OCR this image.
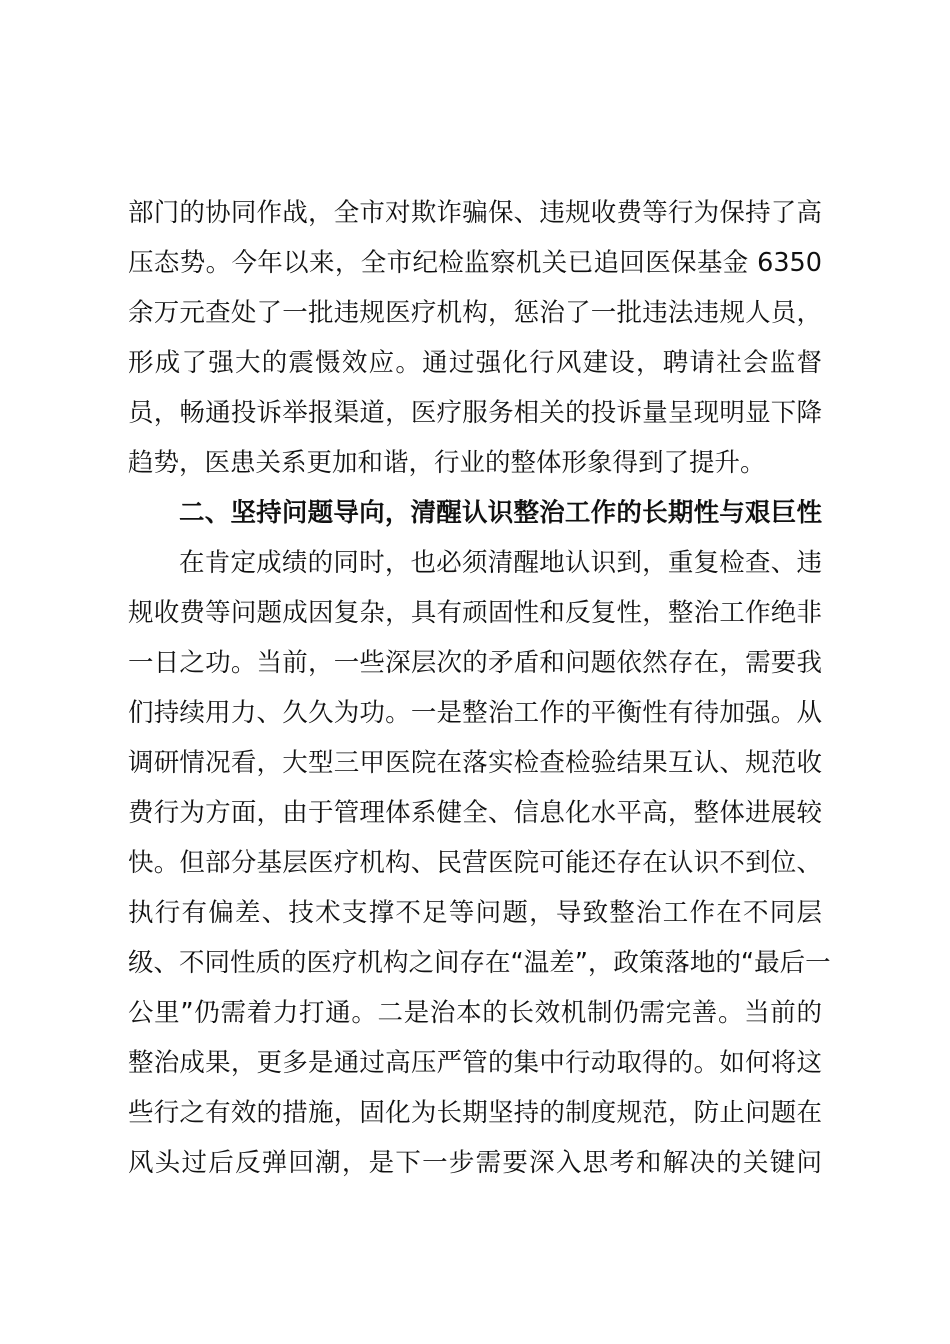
部门的协同作战，全市对欺诈骗保、违规收费等行为保持了高
压态势。今年以来，全市纪检监察机关已追回医保基金 6350
余万元查处了一批违规医疗机构，惩治了一批违法违规人员，
形成了强大的震慑效应。通过强化行风建设，聘请社会监督
员，畅通投诉举报渠道，医疗服务相关的投诉量呈现明显下降
趋势，医患关系更加和谐，行业的整体形象得到了提升。
二、坚持问题导向，清醒认识整治工作的长期性与艰巨性
在肯定成绩的同时，也必须清醒地认识到，重复检查、违
规收费等问题成因复杂，具有顽固性和反复性，整治工作绝非
一日之功。当前，一些深层次的矛盾和问题依然存在，需要我
们持续用力、久久为功。一是整治工作的平衡性有待加强。从
调研情况看，大型三甲医院在落实检查检验结果互认、规范收
费行为方面，由于管理体系健全、信息化水平高，整体进展较
快。但部分基层医疗机构、民营医院可能还存在认识不到位、
执行有偏差、技术支撑不足等问题，导致整治工作在不同层
级、不同性质的医疗机构之间存在“温差”，政策落地的“最后一
公里”仍需着力打通。二是治本的长效机制仍需完善。当前的
整治成果，更多是通过高压严管的集中行动取得的。如何将这
些行之有效的措施，固化为长期坚持的制度规范，防止问题在
风头过后反弹回潮，是下一步需要深入思考和解决的关键问
